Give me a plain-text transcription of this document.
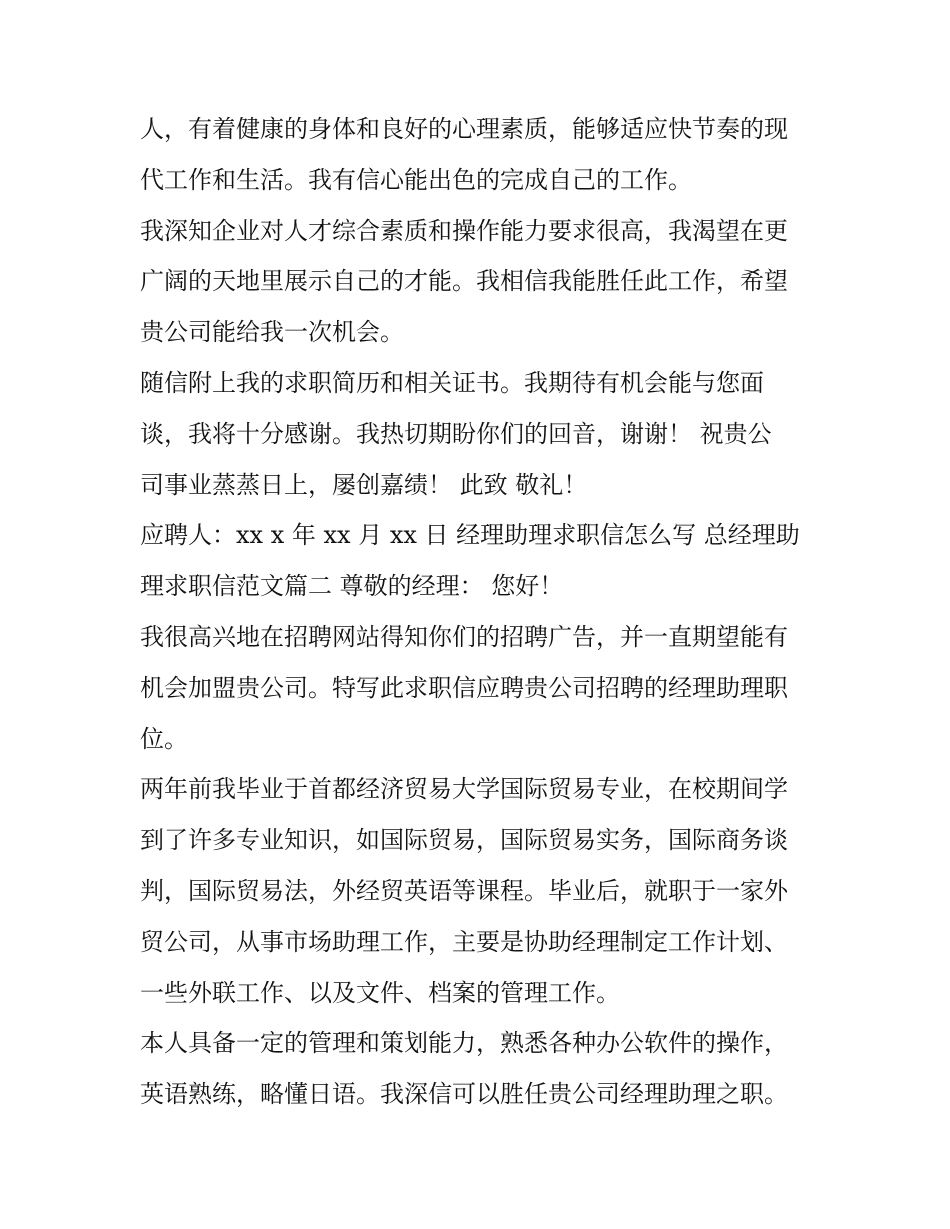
人，有着健康的身体和良好的心理素质，能够适应快节奏的现
代工作和生活。我有信心能出色的完成自己的工作。

我深知企业对人才综合素质和操作能力要求很高，我渴望在更
广阔的天地里展示自己的才能。我相信我能胜任此工作，希望
贵公司能给我一次机会。

随信附上我的求职简历和相关证书。我期待有机会能与您面
谈，我将十分感谢。我热切期盼你们的回音，谢谢！ 祝贵公
司事业蒸蒸日上，屡创嘉绩！ 此致 敬礼！

应聘人：xx x 年 xx 月 xx 日 经理助理求职信怎么写 总经理助
理求职信范文篇二 尊敬的经理： 您好！

我很高兴地在招聘网站得知你们的招聘广告，并一直期望能有
机会加盟贵公司。特写此求职信应聘贵公司招聘的经理助理职
位。

两年前我毕业于首都经济贸易大学国际贸易专业，在校期间学
到了许多专业知识，如国际贸易，国际贸易实务，国际商务谈
判，国际贸易法，外经贸英语等课程。毕业后，就职于一家外
贸公司，从事市场助理工作，主要是协助经理制定工作计划、
一些外联工作、以及文件、档案的管理工作。

本人具备一定的管理和策划能力，熟悉各种办公软件的操作，
英语熟练，略懂日语。我深信可以胜任贵公司经理助理之职。
